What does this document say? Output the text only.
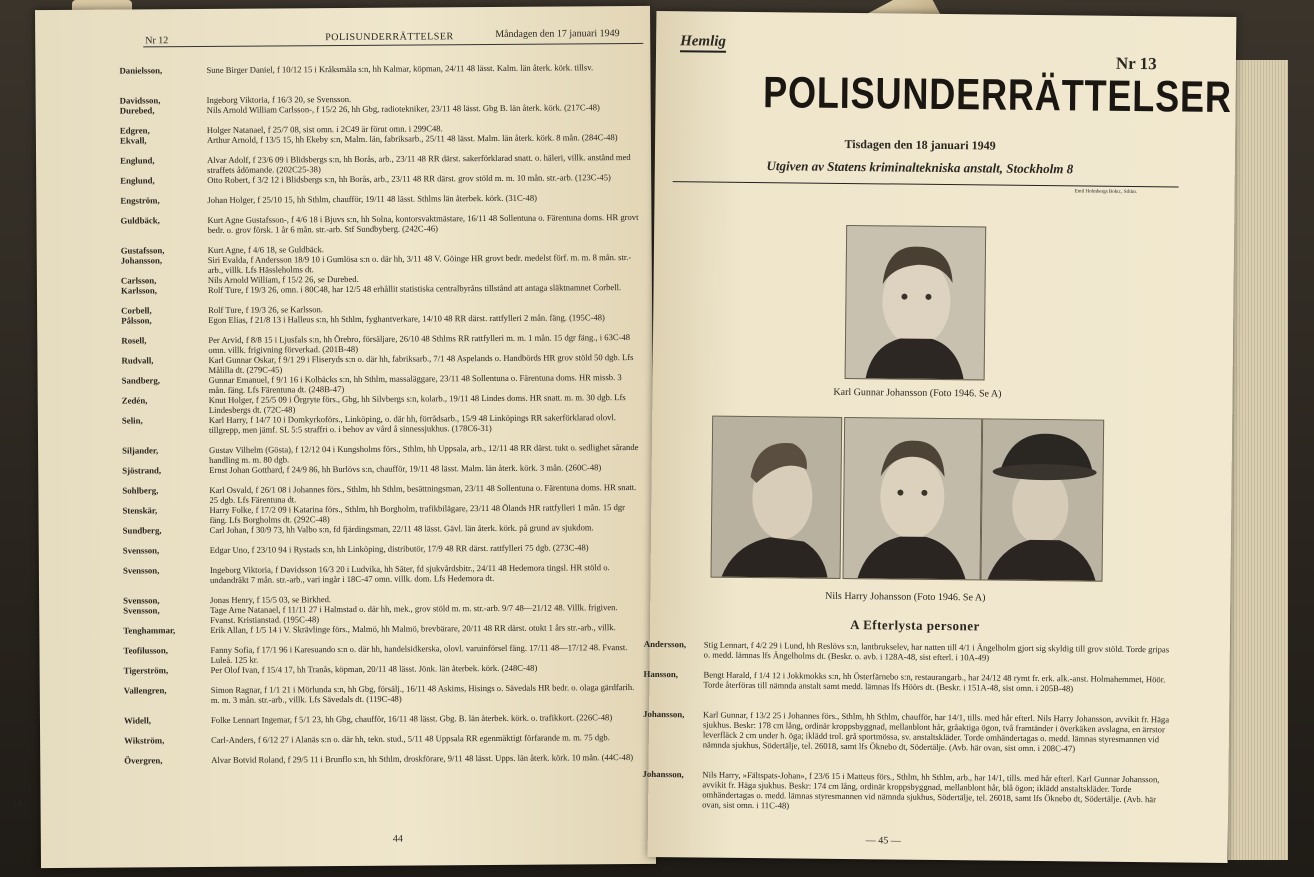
Nr 12	POLISUNDERRÄTTELSER	Måndagen den 17 januari 1949
Danielsson,	Sune Birger Daniel, f 10/12 15 i Kråksmåla s:n, hh Kalmar, köpman, 24/11 48 lässt. Kalm. län återk. körk. tillsv.
Davidsson,	Ingeborg Viktoria, f 16/3 20, se Svensson.
Durebed,	Nils Arnold William Carlsson-, f 15/2 26, hh Gbg, radiotekniker, 23/11 48 lässt. Gbg B. län återk. körk. (217C-48)
Edgren,	Holger Natanael, f 25/7 08, sist omn. i 2C49 är förut omn. i 299C48.
Ekvall,	Arthur Arnold, f 13/5 15, hh Ekeby s:n, Malm. län, fabriksarb., 25/11 48 lässt. Malm. län återk. körk. 8 mån. (284C-48)
Englund,	Alvar Adolf, f 23/6 09 i Blidsbergs s:n, hh Borås, arb., 23/11 48 RR därst. sakerförklarad snatt. o. häleri, villk. anstånd med straffets ådömande. (202C25-38)
Englund,	Otto Robert, f 3/2 12 i Blidsbergs s:n, hh Borås, arb., 23/11 48 RR därst. grov stöld m. m. 10 mån. str.-arb. (123C-45)
Engström,	Johan Holger, f 25/10 15, hh Sthlm, chaufför, 19/11 48 lässt. Sthlms län återbek. körk. (31C-48)
Guldbäck,	Kurt Agne Gustafsson-, f 4/6 18 i Bjuvs s:n, hh Solna, kontorsvaktmästare, 16/11 48 Sollentuna o. Färentuna doms. HR grovt bedr. o. grov försk. 1 år 6 mån. str.-arb. Stf Sundbyberg. (242C-46)
Gustafsson,	Kurt Agne, f 4/6 18, se Guldbäck.
Johansson,	Siri Evalda, f Andersson 18/9 10 i Gumlösa s:n o. där hh, 3/11 48 V. Göinge HR grovt bedr. medelst förf. m. m. 8 mån. str.-arb., villk. Lfs Hässleholms dt.
Carlsson,	Nils Arnold William, f 15/2 26, se Durebed.
Karlsson,	Rolf Ture, f 19/3 26, omn. i 80C48, har 12/5 48 erhållit statistiska centralbyråns tillstånd att antaga släktnamnet Corbell.
Corbell,	Rolf Ture, f 19/3 26, se Karlsson.
Pålsson,	Egon Elias, f 21/8 13 i Halleus s:n, hh Sthlm, fyghantverkare, 14/10 48 RR därst. rattfylleri 2 mån. fäng. (195C-48)
Rosell,	Per Arvid, f 8/8 15 i Ljusfals s:n, hh Örebro, försäljare, 26/10 48 Sthlms RR rattfylleri m. m. 1 mån. 15 dgr fäng., i 63C-48 omn. villk. frigivning förverkad. (201B-48)
Rudvall,	Karl Gunnar Oskar, f 9/1 29 i Fliseryds s:n o. där hh, fabriksarb., 7/1 48 Aspelands o. Handbörds HR grov stöld 50 dgb. Lfs Målilla dt. (279C-45)
Sandberg,	Gunnar Emanuel, f 9/1 16 i Kolbäcks s:n, hh Sthlm, massaläggare, 23/11 48 Sollentuna o. Färentuna doms. HR missb. 3 mån. fäng. Lfs Färentuna dt. (248B-47)
Zedén,	Knut Holger, f 25/5 09 i Örgryte förs., Gbg, hh Silvbergs s:n, kolarb., 19/11 48 Lindes doms. HR snatt. m. m. 30 dgb. Lfs Lindesbergs dt. (72C-48)
Selin,	Karl Harry, f 14/7 10 i Domkyrkoförs., Linköping, o. där hh, förrådsarb., 15/9 48 Linköpings RR sakerförklarad olovl. tillgrepp, men jämf. SL 5:5 straffri o. i behov av vård å sinnessjukhus. (178C6-31)
Siljander,	Gustav Vilhelm (Gösta), f 12/12 04 i Kungsholms förs., Sthlm, hh Uppsala, arb., 12/11 48 RR därst. tukt o. sedlighet sårande handling m. m. 80 dgb.
Sjöstrand,	Ernst Johan Gotthard, f 24/9 86, hh Burlövs s:n, chaufför, 19/11 48 lässt. Malm. län återk. körk. 3 mån. (260C-48)
Sohlberg,	Karl Osvald, f 26/1 08 i Johannes förs., Sthlm, hh Sthlm, besättningsman, 23/11 48 Sollentuna o. Färentuna doms. HR snatt. 25 dgb. Lfs Färentuna dt.
Stenskär,	Harry Folke, f 17/2 09 i Katarina förs., Sthlm, hh Borgholm, trafikbilägare, 23/11 48 Ölands HR rattfylleri 1 mån. 15 dgr fäng. Lfs Borgholms dt. (292C-48)
Sundberg,	Carl Johan, f 30/9 73, hh Valbo s:n, fd fjärdingsman, 22/11 48 lässt. Gävl. län återk. körk. på grund av sjukdom.
Svensson,	Edgar Uno, f 23/10 94 i Rystads s:n, hh Linköping, distributör, 17/9 48 RR därst. rattfylleri 75 dgb. (273C-48)
Svensson,	Ingeborg Viktoria, f Davidsson 16/3 20 i Ludvika, hh Säter, fd sjukvårdsbitr., 24/11 48 Hedemora tingsl. HR stöld o. undandräkt 7 mån. str.-arb., vari ingår i 18C-47 omn. villk. dom. Lfs Hedemora dt.
Svensson,	Jonas Henry, f 15/5 03, se Birkhed.
Svensson,	Tage Arne Natanael, f 11/11 27 i Halmstad o. där hh, mek., grov stöld m. m. str.-arb. 9/7 48—21/12 48. Villk. frigiven. Fvanst. Kristianstad. (195C-48)
Tenghammar,	Erik Allan, f 1/5 14 i V. Skrävlinge förs., Malmö, hh Malmö, brevbärare, 20/11 48 RR därst. otukt 1 års str.-arb., villk.
Teofilusson,	Fanny Sofia, f 17/1 96 i Karesuando s:n o. där hh, handelsidkerska, olovl. varuinförsel fäng. 17/11 48—17/12 48. Fvanst. Luleå. 125 kr.
Tigerström,	Per Olof Ivan, f 15/4 17, hh Tranås, köpman, 20/11 48 lässt. Jönk. län återbek. körk. (248C-48)
Vallengren,	Simon Ragnar, f 1/1 21 i Mörlunda s:n, hh Gbg, försälj., 16/11 48 Askims, Hisings o. Sävedals HR bedr. o. olaga gärdfarih. m. m. 3 mån. str.-arb., villk. Lfs Sävedals dt. (119C-48)
Widell,	Folke Lennart Ingemar, f 5/1 23, hh Gbg, chaufför, 16/11 48 lässt. Gbg. B. län återbek. körk. o. trafikkort. (226C-48)
Wikström,	Carl-Anders, f 6/12 27 i Alanäs s:n o. där hh, tekn. stud., 5/11 48 Uppsala RR egenmäktigt förfarande m. m. 75 dgb.
Övergren,	Alvar Botvid Roland, f 29/5 11 i Brunflo s:n, hh Sthlm, droskförare, 9/11 48 lässt. Upps. län återk. körk. 10 mån. (44C-48)
44
14
Hemlig
Nr 13
POLISUNDERRÄTTELSER
Tisdagen den 18 januari 1949
Utgiven av Statens kriminaltekniska anstalt, Stockholm 8
Emil Holmbergs Boktr., Sthlm.
Karl Gunnar Johansson (Foto 1946. Se A)
Nils Harry Johansson (Foto 1946. Se A)
A Efterlysta personer
Andersson,	Stig Lennart, f 4/2 29 i Lund, hh Reslövs s:n, lantbrukselev, har natten till 4/1 i Ängelholm gjort sig skyldig till grov stöld. Torde gripas o. medd. lämnas lfs Ängelholms dt. (Beskr. o. avb. i 128A-48, sist efterl. i 10A-49)
Hansson,	Bengt Harald, f 1/4 12 i Jokkmokks s:n, hh Österfärnebo s:n, restaurangarb., har 24/12 48 rymt fr. erk. alk.-anst. Holmahemmet, Höör. Torde återföras till nämnda anstalt samt medd. lämnas lfs Höörs dt. (Beskr. i 151A-48, sist omn. i 205B-48)
Johansson,	Karl Gunnar, f 13/2 25 i Johannes förs., Sthlm, hh Sthlm, chaufför, har 14/1, tills. med hår efterl. Nils Harry Johansson, avvikit fr. Häga sjukhus. Beskr: 178 cm lång, ordinär kroppsbyggnad, mellanblont hår, gråaktiga ögon, två framtänder i överkäken avslagna, en ärrstor leverfläck 2 cm under h. öga; iklädd trol. grå sportmössa, sv. anstaltskläder. Torde omhändertagas o. medd. lämnas styresmannen vid nämnda sjukhus, Södertälje, tel. 26018, samt lfs Öknebo dt, Södertälje. (Avb. här ovan, sist omn. i 208C-47)
Johansson,	Nils Harry, »Fältspats-Johan», f 23/6 15 i Matteus förs., Sthlm, hh Sthlm, arb., har 14/1, tills. med hår efterl. Karl Gunnar Johansson, avvikit fr. Häga sjukhus. Beskr: 174 cm lång, ordinär kroppsbyggnad, mellanblont hår, blå ögon; iklädd anstaltskläder. Torde omhändertagas o. medd. lämnas styresmannen vid nämnda sjukhus, Södertälje, tel. 26018, samt lfs Öknebo dt, Södertälje. (Avb. här ovan, sist omn. i 11C-48)
— 45 —
